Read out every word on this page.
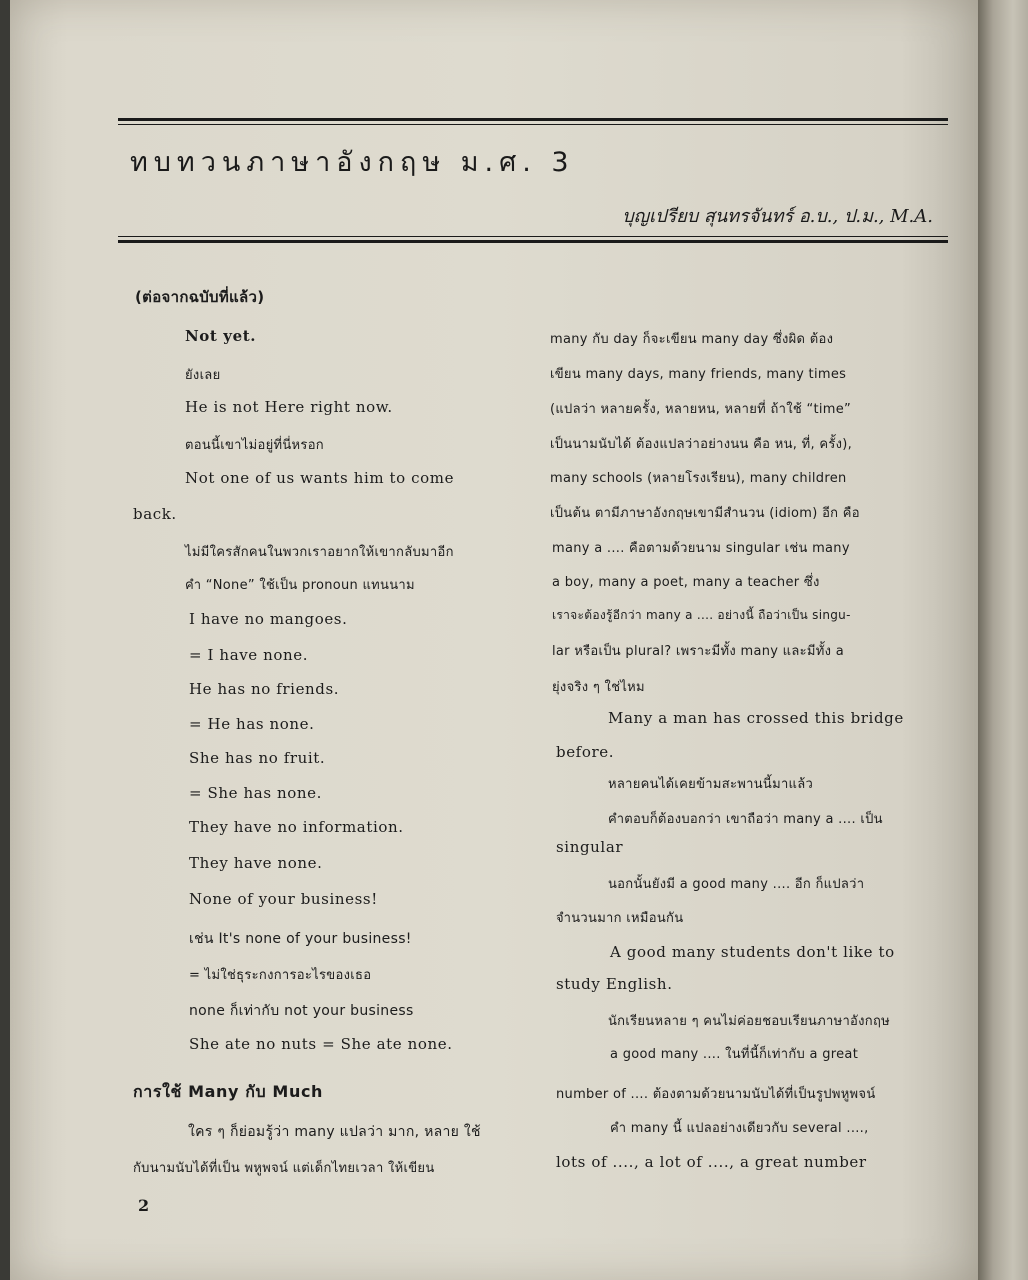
ทบทวนภาษาอังกฤษ ม.ศ. 3
บุญเปรียบ สุนทรจันทร์ อ.บ., ป.ม., M.A.
(ต่อจากฉบับที่แล้ว)
Not yet.
ยังเลย
He is not Here right now.
ตอนนี้เขาไม่อยู่ที่นี่หรอก
Not one of us wants him to come
back.
ไม่มีใครสักคนในพวกเราอยากให้เขากลับมาอีก
คำ “None” ใช้เป็น pronoun แทนนาม
I have no mangoes.
= I have none.
He has no friends.
= He has none.
She has no fruit.
= She has none.
They have no information.
They have none.
None of your business!
เช่น It's none of your business!
= ไม่ใช่ธุระกงการอะไรของเธอ
none ก็เท่ากับ not your business
She ate no nuts = She ate none.
การใช้ Many กับ Much
ใคร ๆ ก็ย่อมรู้ว่า many แปลว่า มาก, หลาย ใช้
กับนามนับได้ที่เป็น พหูพจน์ แต่เด็กไทยเวลา ให้เขียน
many กับ day ก็จะเขียน many day ซึ่งผิด ต้อง
เขียน many days, many friends, many times
(แปลว่า หลายครั้ง, หลายหน, หลายที่ ถ้าใช้ “time”
เป็นนามนับได้ ต้องแปลว่าอย่างนน คือ หน, ที่, ครั้ง),
many schools (หลายโรงเรียน), many children
เป็นต้น ตามีภาษาอังกฤษเขามีสำนวน (idiom) อีก คือ
many a .... คือตามด้วยนาม singular เช่น many
a boy, many a poet, many a teacher ซึ่ง
เราจะต้องรู้อีกว่า many a .... อย่างนี้ ถือว่าเป็น singu-
lar หรือเป็น plural? เพราะมีทั้ง many และมีทั้ง a
ยุ่งจริง ๆ ใช่ไหม
Many a man has crossed this bridge
before.
หลายคนได้เคยข้ามสะพานนี้มาแล้ว
คำตอบก็ต้องบอกว่า เขาถือว่า many a .... เป็น
singular
นอกนั้นยังมี a good many .... อีก ก็แปลว่า
จำนวนมาก เหมือนกัน
A good many students don't like to
study English.
นักเรียนหลาย ๆ คนไม่ค่อยชอบเรียนภาษาอังกฤษ
a good many .... ในที่นี้ก็เท่ากับ a great
number of .... ต้องตามด้วยนามนับได้ที่เป็นรูปพหูพจน์
คำ many นี้ แปลอย่างเดียวกับ several ....,
lots of ...., a lot of ...., a great number
2
